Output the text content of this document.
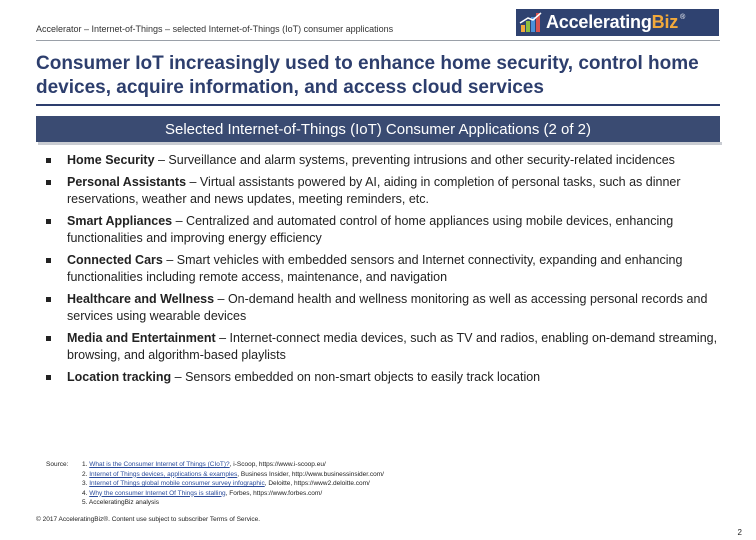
Accelerator – Internet-of-Things – selected Internet-of-Things (IoT) consumer applications	AcceleratingBiz ®
Consumer IoT increasingly used to enhance home security, control home devices, acquire information, and access cloud services
Selected Internet-of-Things (IoT) Consumer Applications (2 of 2)
Home Security – Surveillance and alarm systems, preventing intrusions and other security-related incidences
Personal Assistants – Virtual assistants powered by AI, aiding in completion of personal tasks, such as dinner reservations, weather and news updates, meeting reminders, etc.
Smart Appliances – Centralized and automated control of home appliances using mobile devices, enhancing functionalities and improving energy efficiency
Connected Cars – Smart vehicles with embedded sensors and Internet connectivity, expanding and enhancing functionalities including remote access, maintenance, and navigation
Healthcare and Wellness – On-demand health and wellness monitoring as well as accessing personal records and services using wearable devices
Media and Entertainment – Internet-connect media devices, such as TV and radios, enabling on-demand streaming, browsing, and algorithm-based playlists
Location tracking – Sensors embedded on non-smart objects to easily track location
Source: 1. What is the Consumer Internet of Things (CIoT)?, i-Scoop, https://www.i-scoop.eu/
2. Internet of Things devices, applications & examples, Business Insider, http://www.businessinsider.com/
3. Internet of Things global mobile consumer survey infographic, Deloitte, https://www2.deloitte.com/
4. Why the consumer Internet Of Things is stalling, Forbes, https://www.forbes.com/
5. AcceleratingBiz analysis
© 2017 AcceleratingBiz®. Content use subject to subscriber Terms of Service.
2
